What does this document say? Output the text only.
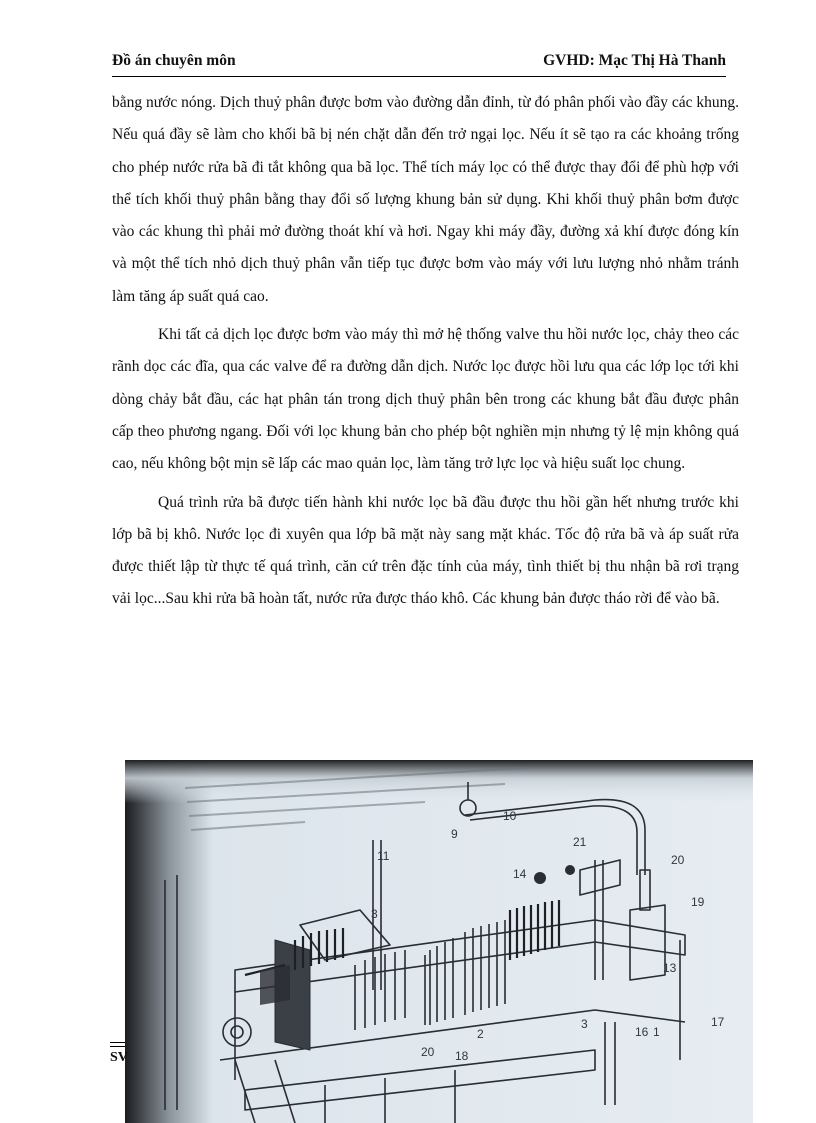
Đồ án chuyên môn	GVHD: Mạc Thị Hà Thanh

bằng nước nóng. Dịch thuỷ phân được bơm vào đường dẫn đỉnh, từ đó phân phối vào đầy các khung. Nếu quá đầy sẽ làm cho khối bã bị nén chặt dẫn đến trở ngại lọc. Nếu ít sẽ tạo ra các khoảng trống cho phép nước rửa bã đi tắt không qua bã lọc. Thể tích máy lọc có thể được thay đổi để phù hợp với thể tích khối thuỷ phân bằng thay đổi số lượng khung bản sử dụng. Khi khối thuỷ phân bơm được vào các khung thì phải mở đường thoát khí và hơi. Ngay khi máy đầy, đường xả khí được đóng kín và một thể tích nhỏ dịch thuỷ phân vẫn tiếp tục được bơm vào máy với lưu lượng nhỏ nhằm tránh làm tăng áp suất quá cao.

Khi tất cả dịch lọc được bơm vào máy thì mở hệ thống valve thu hồi nước lọc, chảy theo các rãnh dọc các đĩa, qua các valve để ra đường dẫn dịch. Nước lọc được hồi lưu qua các lớp lọc tới khi dòng chảy bắt đầu, các hạt phân tán trong dịch thuỷ phân bên trong các khung bắt đầu được phân cấp theo phương ngang. Đối với lọc khung bản cho phép bột nghiền mịn nhưng tỷ lệ mịn không quá cao, nếu không bột mịn sẽ lấp các mao quản lọc, làm tăng trở lực lọc và hiệu suất lọc chung.

Quá trình rửa bã được tiến hành khi nước lọc bã đầu được thu hồi gần hết nhưng trước khi lớp bã bị khô. Nước lọc đi xuyên qua lớp bã mặt này sang mặt khác. Tốc độ rửa bã và áp suất rửa được thiết lập từ thực tế quá trình, căn cứ trên đặc tính của máy, tình thiết bị thu nhận bã rơi trạng vải lọc...Sau khi rửa bã hoàn tất, nước rửa được tháo khô. Các khung bản được tháo rời để vào bã.

10
9
11
21
14
20
19
3
13
2
3
1
16
17
18
20
SV
